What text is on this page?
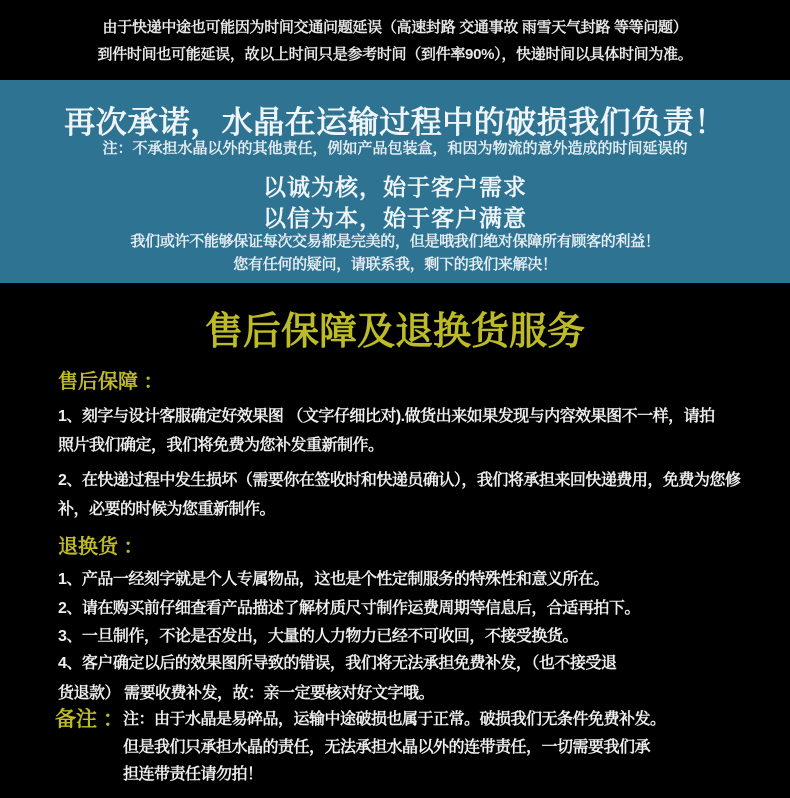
由于快递中途也可能因为时间交通问题延误（高速封路 交通事故 雨雪天气封路 等等问题）
到件时间也可能延误，故以上时间只是参考时间（到件率90%），快递时间以具体时间为准。
再次承诺，水晶在运输过程中的破损我们负责！
注：不承担水晶以外的其他责任，例如产品包装盒，和因为物流的意外造成的时间延误的
以诚为核，始于客户需求
以信为本，始于客户满意
我们或许不能够保证每次交易都是完美的，但是哦我们绝对保障所有顾客的利益！
您有任何的疑问，请联系我，剩下的我们来解决！
售后保障及退换货服务
售后保障 ：
1、刻字与设计客服确定好效果图 （文字仔细比对).做货出来如果发现与内容效果图不一样，请拍
照片我们确定，我们将免费为您补发重新制作。
2、在快递过程中发生损坏（需要你在签收时和快递员确认），我们将承担来回快递费用，免费为您修
补，必要的时候为您重新制作。
退换货 ：
1、产品一经刻字就是个人专属物品，这也是个性定制服务的特殊性和意义所在。
2、请在购买前仔细查看产品描述了解材质尺寸制作运费周期等信息后，合适再拍下。
3、一旦制作，不论是否发出，大量的人力物力已经不可收回，不接受换货。
4、客户确定以后的效果图所导致的错误，我们将无法承担免费补发，（也不接受退
货退款） 需要收费补发，故：亲一定要核对好文字哦。
备注 ： 注：由于水晶是易碎品，运输中途破损也属于正常。破损我们无条件免费补发。
但是我们只承担水晶的责任，无法承担水晶以外的连带责任，一切需要我们承
担连带责任请勿拍！
